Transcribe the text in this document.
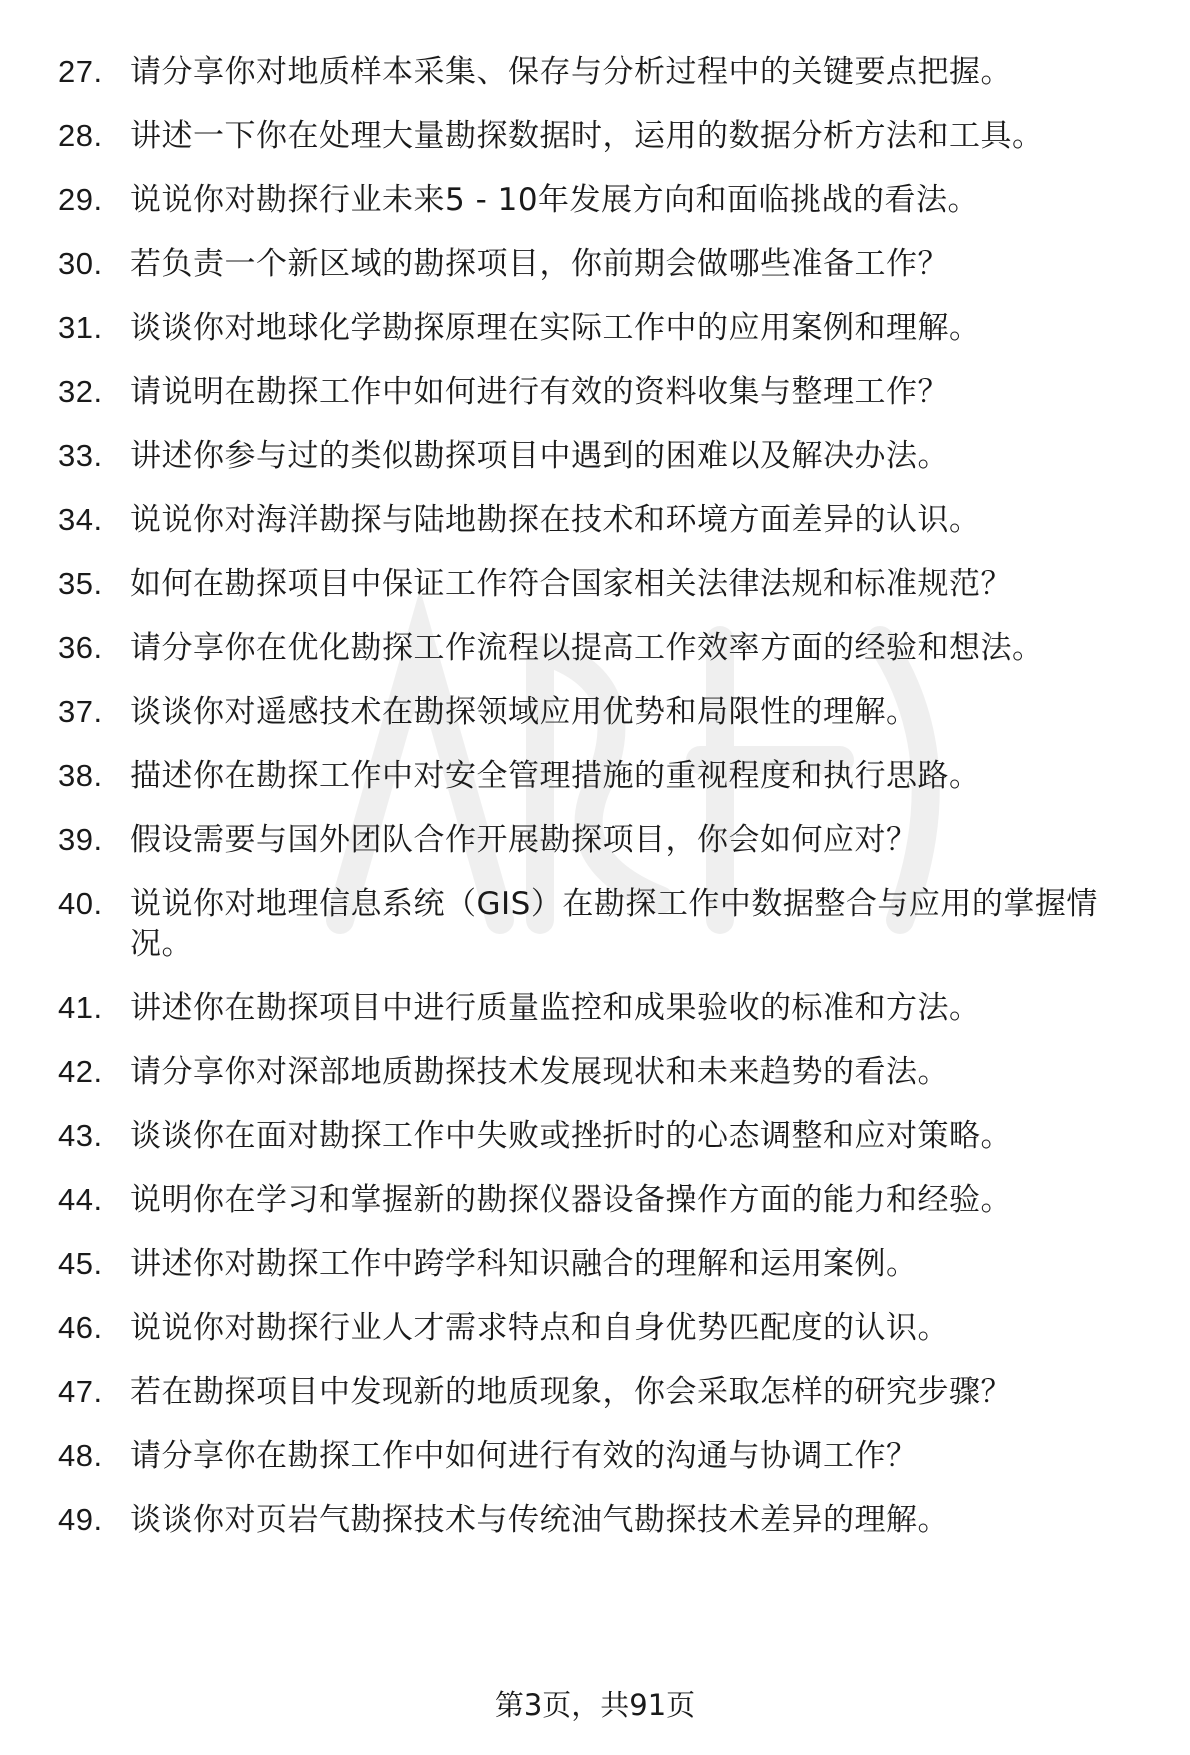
27. 请分享你对地质样本采集、保存与分析过程中的关键要点把握。
28. 讲述一下你在处理大量勘探数据时，运用的数据分析方法和工具。
29. 说说你对勘探行业未来5 - 10年发展方向和面临挑战的看法。
30. 若负责一个新区域的勘探项目，你前期会做哪些准备工作？
31. 谈谈你对地球化学勘探原理在实际工作中的应用案例和理解。
32. 请说明在勘探工作中如何进行有效的资料收集与整理工作？
33. 讲述你参与过的类似勘探项目中遇到的困难以及解决办法。
34. 说说你对海洋勘探与陆地勘探在技术和环境方面差异的认识。
35. 如何在勘探项目中保证工作符合国家相关法律法规和标准规范？
36. 请分享你在优化勘探工作流程以提高工作效率方面的经验和想法。
37. 谈谈你对遥感技术在勘探领域应用优势和局限性的理解。
38. 描述你在勘探工作中对安全管理措施的重视程度和执行思路。
39. 假设需要与国外团队合作开展勘探项目，你会如何应对？
40. 说说你对地理信息系统（GIS）在勘探工作中数据整合与应用的掌握情况。
41. 讲述你在勘探项目中进行质量监控和成果验收的标准和方法。
42. 请分享你对深部地质勘探技术发展现状和未来趋势的看法。
43. 谈谈你在面对勘探工作中失败或挫折时的心态调整和应对策略。
44. 说明你在学习和掌握新的勘探仪器设备操作方面的能力和经验。
45. 讲述你对勘探工作中跨学科知识融合的理解和运用案例。
46. 说说你对勘探行业人才需求特点和自身优势匹配度的认识。
47. 若在勘探项目中发现新的地质现象，你会采取怎样的研究步骤？
48. 请分享你在勘探工作中如何进行有效的沟通与协调工作？
49. 谈谈你对页岩气勘探技术与传统油气勘探技术差异的理解。
第3页，共91页
